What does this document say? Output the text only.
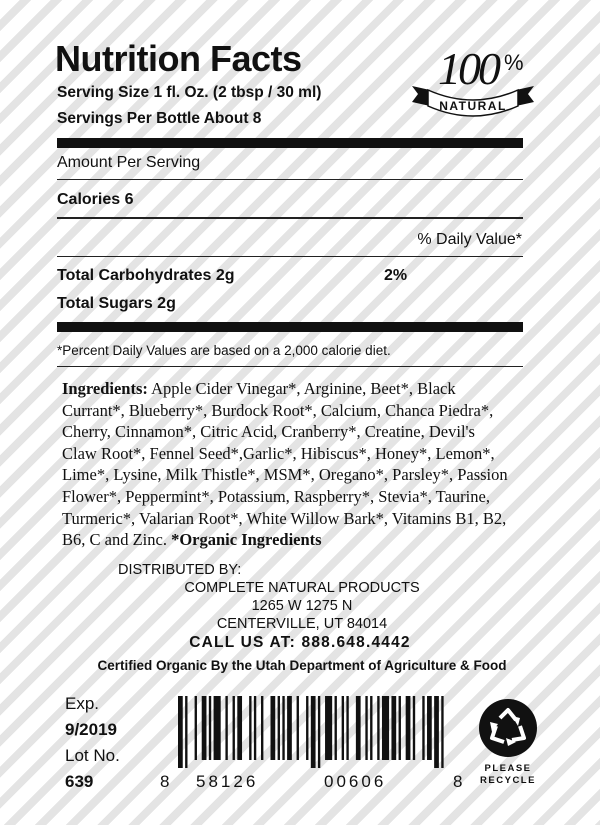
Nutrition Facts
Serving Size 1 fl. Oz. (2 tbsp / 30 ml)
Servings Per Bottle About 8
100 %
NATURAL
Amount Per Serving
Calories 6
% Daily Value*
Total Carbohydrates 2g	2%
Total Sugars 2g
*Percent Daily Values are based on a 2,000 calorie diet.
Ingredients: Apple Cider Vinegar*, Arginine, Beet*, Black
Currant*, Blueberry*, Burdock Root*, Calcium, Chanca Piedra*,
Cherry, Cinnamon*, Citric Acid, Cranberry*, Creatine, Devil's
Claw Root*, Fennel Seed*,Garlic*, Hibiscus*, Honey*, Lemon*,
Lime*, Lysine, Milk Thistle*, MSM*, Oregano*, Parsley*, Passion
Flower*, Peppermint*, Potassium, Raspberry*, Stevia*, Taurine,
Turmeric*, Valarian Root*, White Willow Bark*, Vitamins B1, B2,
B6, C and Zinc. *Organic Ingredients
DISTRIBUTED BY:
COMPLETE NATURAL PRODUCTS
1265 W 1275 N
CENTERVILLE, UT 84014
CALL US AT: 888.648.4442
Certified Organic By the Utah Department of Agriculture & Food
Exp.
9/2019
Lot No.
639	8 58126	00606	8
PLEASE
RECYCLE
